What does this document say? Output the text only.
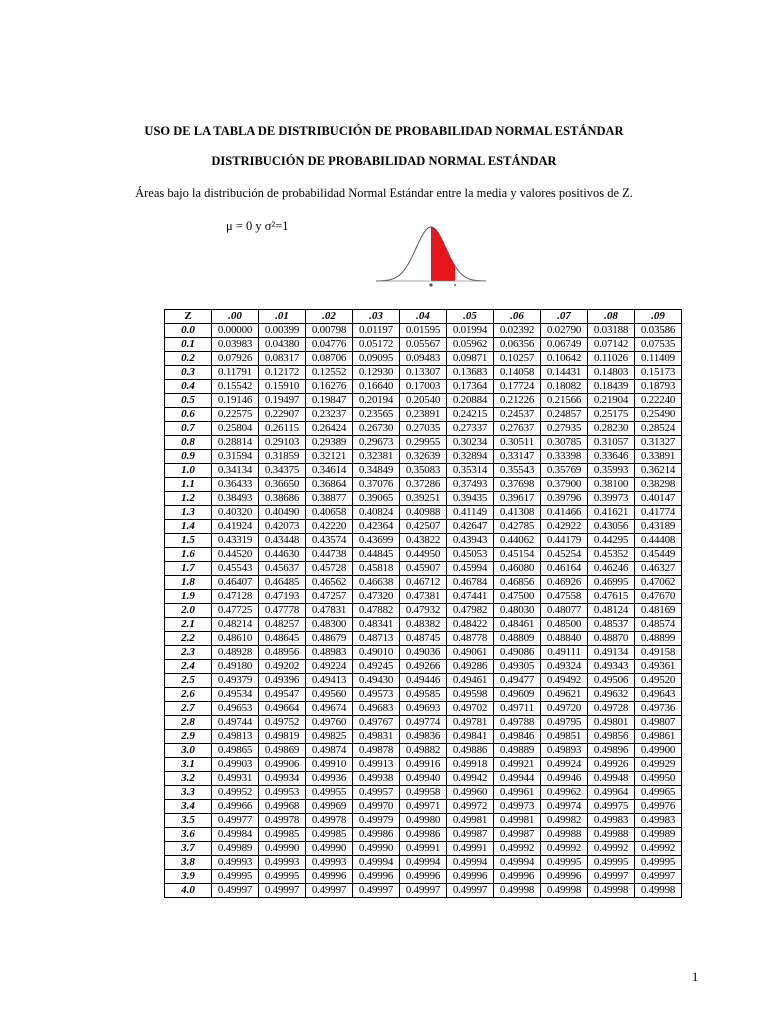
USO DE LA TABLA DE DISTRIBUCIÓN DE PROBABILIDAD NORMAL ESTÁNDAR
DISTRIBUCIÓN DE PROBABILIDAD NORMAL ESTÁNDAR
Áreas bajo la distribución de probabilidad Normal Estándar entre la media y valores positivos de Z.
μ = 0 y σ²=1
Z	.00	.01	.02	.03	.04	.05	.06	.07	.08	.09
0.0	0.00000	0.00399	0.00798	0.01197	0.01595	0.01994	0.02392	0.02790	0.03188	0.03586
0.1	0.03983	0.04380	0.04776	0.05172	0.05567	0.05962	0.06356	0.06749	0.07142	0.07535
0.2	0.07926	0.08317	0.08706	0.09095	0.09483	0.09871	0.10257	0.10642	0.11026	0.11409
0.3	0.11791	0.12172	0.12552	0.12930	0.13307	0.13683	0.14058	0.14431	0.14803	0.15173
0.4	0.15542	0.15910	0.16276	0.16640	0.17003	0.17364	0.17724	0.18082	0.18439	0.18793
0.5	0.19146	0.19497	0.19847	0.20194	0.20540	0.20884	0.21226	0.21566	0.21904	0.22240
0.6	0.22575	0.22907	0.23237	0.23565	0.23891	0.24215	0.24537	0.24857	0.25175	0.25490
0.7	0.25804	0.26115	0.26424	0.26730	0.27035	0.27337	0.27637	0.27935	0.28230	0.28524
0.8	0.28814	0.29103	0.29389	0.29673	0.29955	0.30234	0.30511	0.30785	0.31057	0.31327
0.9	0.31594	0.31859	0.32121	0.32381	0.32639	0.32894	0.33147	0.33398	0.33646	0.33891
1.0	0.34134	0.34375	0.34614	0.34849	0.35083	0.35314	0.35543	0.35769	0.35993	0.36214
1.1	0.36433	0.36650	0.36864	0.37076	0.37286	0.37493	0.37698	0.37900	0.38100	0.38298
1.2	0.38493	0.38686	0.38877	0.39065	0.39251	0.39435	0.39617	0.39796	0.39973	0.40147
1.3	0.40320	0.40490	0.40658	0.40824	0.40988	0.41149	0.41308	0.41466	0.41621	0.41774
1.4	0.41924	0.42073	0.42220	0.42364	0.42507	0.42647	0.42785	0.42922	0.43056	0.43189
1.5	0.43319	0.43448	0.43574	0.43699	0.43822	0.43943	0.44062	0.44179	0.44295	0.44408
1.6	0.44520	0.44630	0.44738	0.44845	0.44950	0.45053	0.45154	0.45254	0.45352	0.45449
1.7	0.45543	0.45637	0.45728	0.45818	0.45907	0.45994	0.46080	0.46164	0.46246	0.46327
1.8	0.46407	0.46485	0.46562	0.46638	0.46712	0.46784	0.46856	0.46926	0.46995	0.47062
1.9	0.47128	0.47193	0.47257	0.47320	0.47381	0.47441	0.47500	0.47558	0.47615	0.47670
2.0	0.47725	0.47778	0.47831	0.47882	0.47932	0.47982	0.48030	0.48077	0.48124	0.48169
2.1	0.48214	0.48257	0.48300	0.48341	0.48382	0.48422	0.48461	0.48500	0.48537	0.48574
2.2	0.48610	0.48645	0.48679	0.48713	0.48745	0.48778	0.48809	0.48840	0.48870	0.48899
2.3	0.48928	0.48956	0.48983	0.49010	0.49036	0.49061	0.49086	0.49111	0.49134	0.49158
2.4	0.49180	0.49202	0.49224	0.49245	0.49266	0.49286	0.49305	0.49324	0.49343	0.49361
2.5	0.49379	0.49396	0.49413	0.49430	0.49446	0.49461	0.49477	0.49492	0.49506	0.49520
2.6	0.49534	0.49547	0.49560	0.49573	0.49585	0.49598	0.49609	0.49621	0.49632	0.49643
2.7	0.49653	0.49664	0.49674	0.49683	0.49693	0.49702	0.49711	0.49720	0.49728	0.49736
2.8	0.49744	0.49752	0.49760	0.49767	0.49774	0.49781	0.49788	0.49795	0.49801	0.49807
2.9	0.49813	0.49819	0.49825	0.49831	0.49836	0.49841	0.49846	0.49851	0.49856	0.49861
3.0	0.49865	0.49869	0.49874	0.49878	0.49882	0.49886	0.49889	0.49893	0.49896	0.49900
3.1	0.49903	0.49906	0.49910	0.49913	0.49916	0.49918	0.49921	0.49924	0.49926	0.49929
3.2	0.49931	0.49934	0.49936	0.49938	0.49940	0.49942	0.49944	0.49946	0.49948	0.49950
3.3	0.49952	0.49953	0.49955	0.49957	0.49958	0.49960	0.49961	0.49962	0.49964	0.49965
3.4	0.49966	0.49968	0.49969	0.49970	0.49971	0.49972	0.49973	0.49974	0.49975	0.49976
3.5	0.49977	0.49978	0.49978	0.49979	0.49980	0.49981	0.49981	0.49982	0.49983	0.49983
3.6	0.49984	0.49985	0.49985	0.49986	0.49986	0.49987	0.49987	0.49988	0.49988	0.49989
3.7	0.49989	0.49990	0.49990	0.49990	0.49991	0.49991	0.49992	0.49992	0.49992	0.49992
3.8	0.49993	0.49993	0.49993	0.49994	0.49994	0.49994	0.49994	0.49995	0.49995	0.49995
3.9	0.49995	0.49995	0.49996	0.49996	0.49996	0.49996	0.49996	0.49996	0.49997	0.49997
4.0	0.49997	0.49997	0.49997	0.49997	0.49997	0.49997	0.49998	0.49998	0.49998	0.49998
1
